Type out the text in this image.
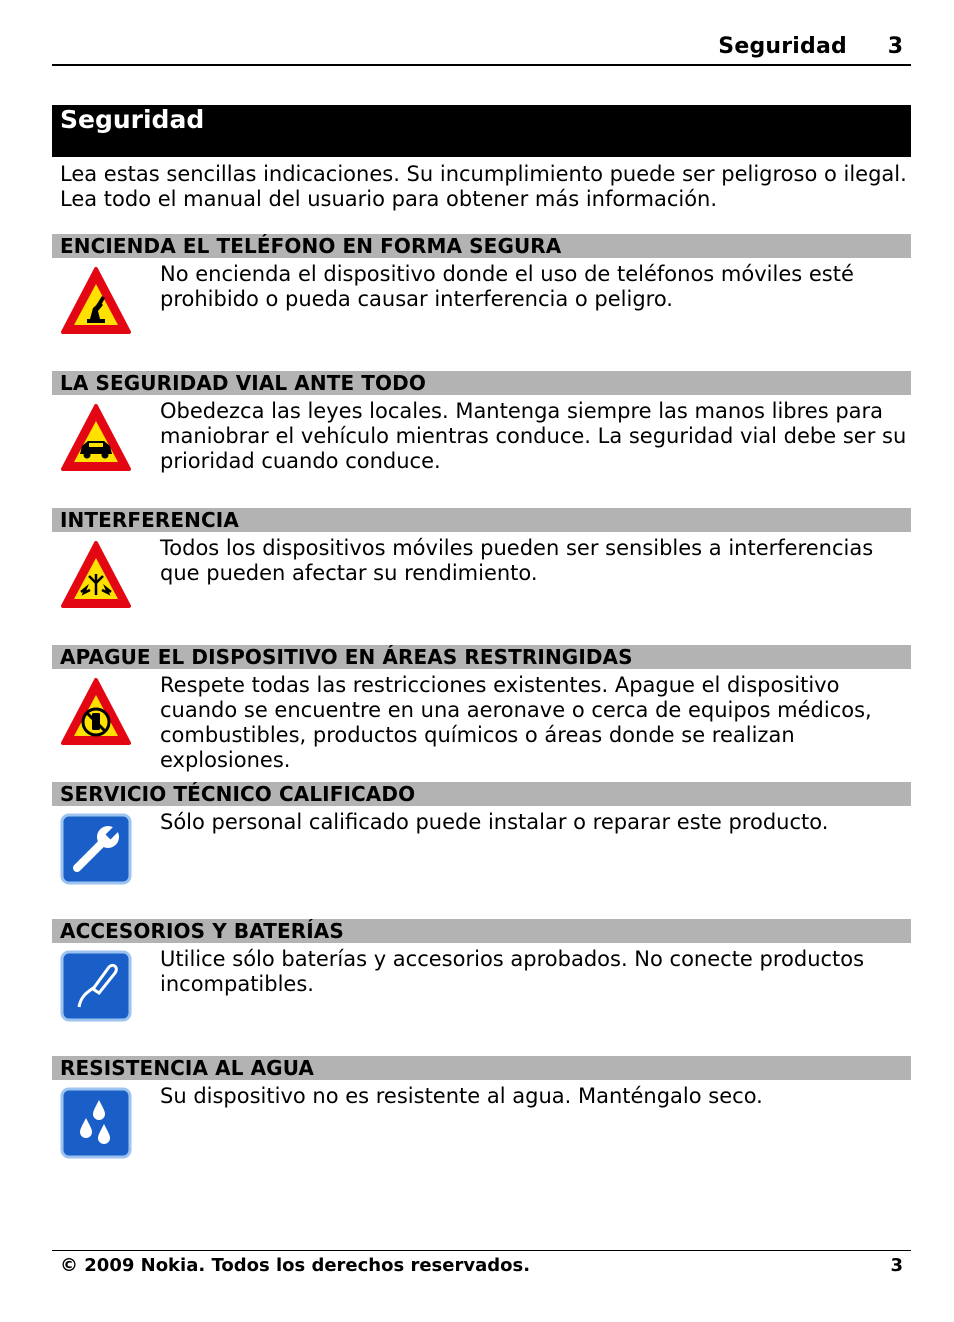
Seguridad 3
Seguridad

Lea estas sencillas indicaciones. Su incumplimiento puede ser peligroso o ilegal. Lea todo el manual del usuario para obtener más información.

ENCIENDA EL TELÉFONO EN FORMA SEGURA
No encienda el dispositivo donde el uso de teléfonos móviles esté prohibido o pueda causar interferencia o peligro.
LA SEGURIDAD VIAL ANTE TODO
Obedezca las leyes locales. Mantenga siempre las manos libres para maniobrar el vehículo mientras conduce. La seguridad vial debe ser su prioridad cuando conduce.
INTERFERENCIA
Todos los dispositivos móviles pueden ser sensibles a interferencias que pueden afectar su rendimiento.
APAGUE EL DISPOSITIVO EN ÁREAS RESTRINGIDAS
Respete todas las restricciones existentes. Apague el dispositivo cuando se encuentre en una aeronave o cerca de equipos médicos, combustibles, productos químicos o áreas donde se realizan explosiones.
SERVICIO TÉCNICO CALIFICADO
Sólo personal calificado puede instalar o reparar este producto.
ACCESORIOS Y BATERÍAS
Utilice sólo baterías y accesorios aprobados. No conecte productos incompatibles.
RESISTENCIA AL AGUA
Su dispositivo no es resistente al agua. Manténgalo seco.
© 2009 Nokia. Todos los derechos reservados.	3
